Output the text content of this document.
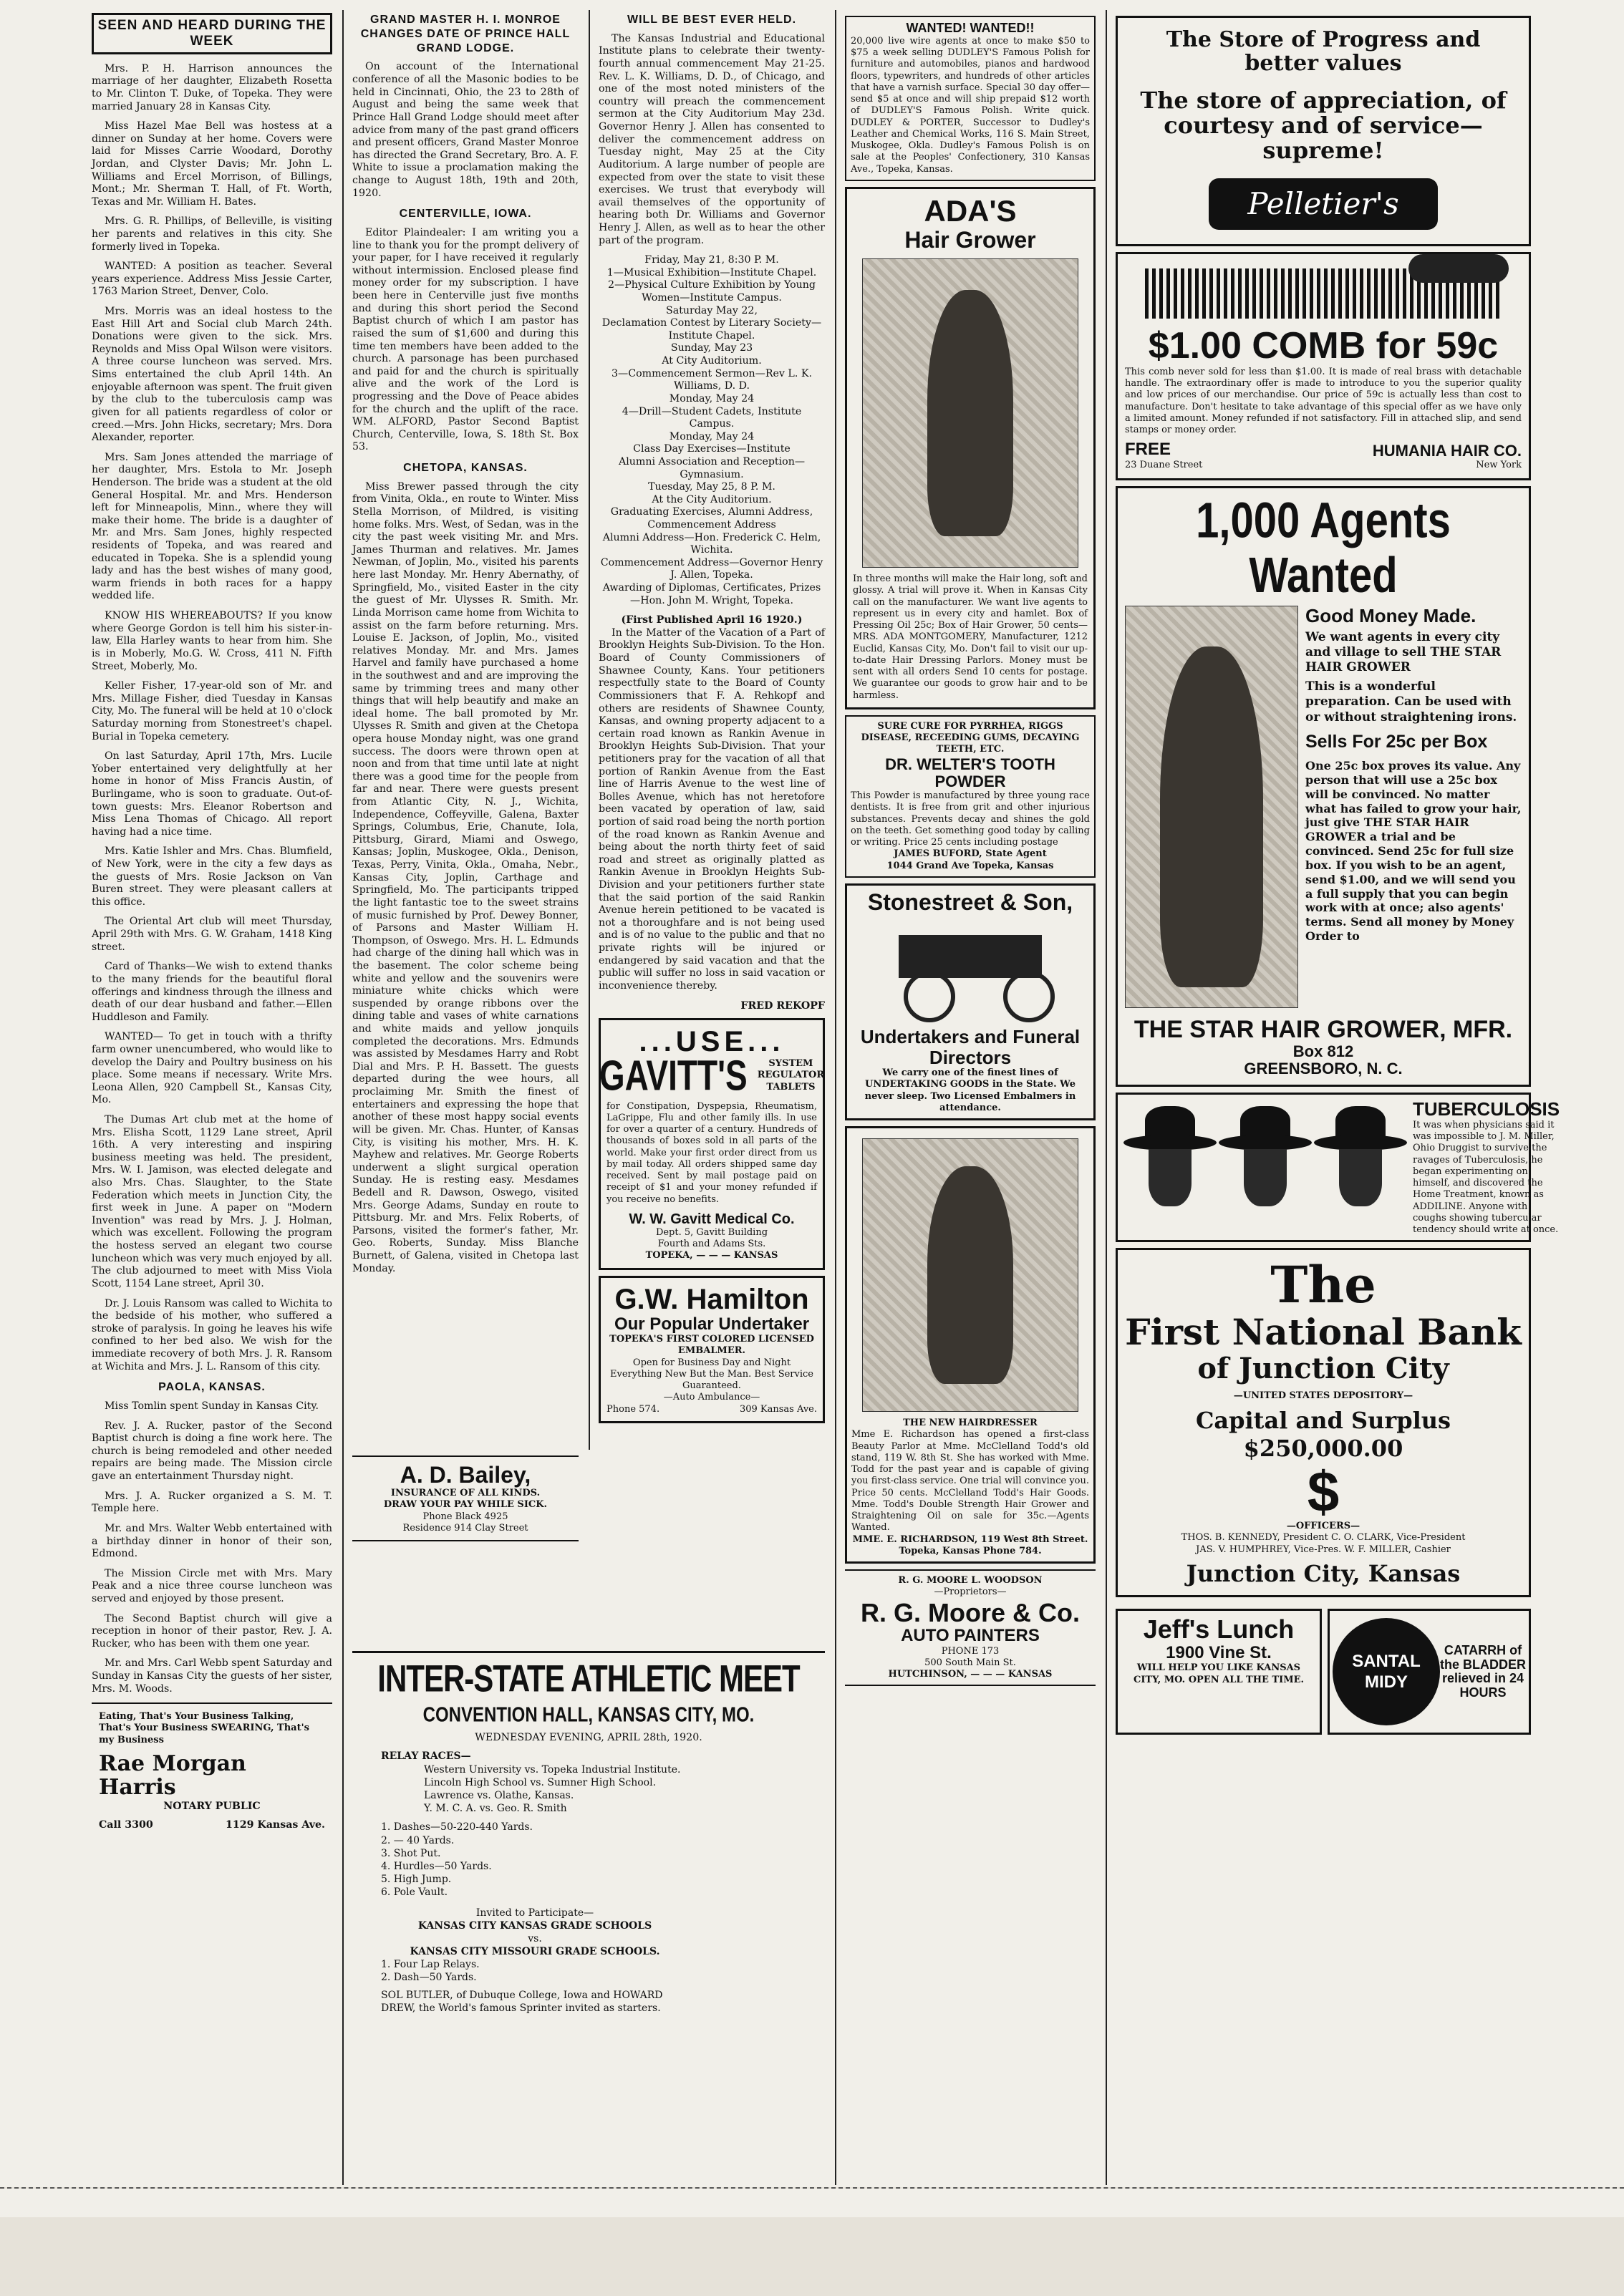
SEEN AND HEARD DURING THE WEEK

Mrs. P. H. Harrison announces the marriage of her daughter, Elizabeth Rosetta to Mr. Clinton T. Duke, of Topeka. They were married January 28 in Kansas City.

Miss Hazel Mae Bell was hostess at a dinner on Sunday at her home. Covers were laid for Misses Carrie Woodard, Dorothy Jordan, and Clyster Davis; Mr. John L. Williams and Ercel Morrison, of Billings, Mont.; Mr. Sherman T. Hall, of Ft. Worth, Texas and Mr. William H. Bates.

Mrs. G. R. Phillips, of Belleville, is visiting her parents and relatives in this city. She formerly lived in Topeka.

WANTED: A position as teacher. Several years experience. Address Miss Jessie Carter, 1763 Marion Street, Denver, Colo.

Mrs. Morris was an ideal hostess to the East Hill Art and Social club March 24th. Donations were given to the sick. Mrs. Reynolds and Miss Opal Wilson were visitors. A three course luncheon was served. Mrs. Sims entertained the club April 14th. An enjoyable afternoon was spent. The fruit given by the club to the tuberculosis camp was given for all patients regardless of color or creed.—Mrs. John Hicks, secretary; Mrs. Dora Alexander, reporter.

Mrs. Sam Jones attended the marriage of her daughter, Mrs. Estola to Mr. Joseph Henderson. The bride was a student at the old General Hospital. Mr. and Mrs. Henderson left for Minneapolis, Minn., where they will make their home. The bride is a daughter of Mr. and Mrs. Sam Jones, highly respected residents of Topeka, and was reared and educated in Topeka. She is a splendid young lady and has the best wishes of many good, warm friends in both races for a happy wedded life.

KNOW HIS WHEREABOUTS? If you know where George Gordon is tell him his sister-in-law, Ella Harley wants to hear from him. She is in Moberly, Mo.G. W. Cross, 411 N. Fifth Street, Moberly, Mo.

Keller Fisher, 17-year-old son of Mr. and Mrs. Millage Fisher, died Tuesday in Kansas City, Mo. The funeral will be held at 10 o'clock Saturday morning from Stonestreet's chapel. Burial in Topeka cemetery.

On last Saturday, April 17th, Mrs. Lucile Yober entertained very delightfully at her home in honor of Miss Francis Austin, of Burlingame, who is soon to graduate. Out-of-town guests: Mrs. Eleanor Robertson and Miss Lena Thomas of Chicago. All report having had a nice time.

Mrs. Katie Ishler and Mrs. Chas. Blumfield, of New York, were in the city a few days as the guests of Mrs. Rosie Jackson on Van Buren street. They were pleasant callers at this office.

The Oriental Art club will meet Thursday, April 29th with Mrs. G. W. Graham, 1418 King street.

Card of Thanks—We wish to extend thanks to the many friends for the beautiful floral offerings and kindness through the illness and death of our dear husband and father.—Ellen Huddleson and Family.

WANTED— To get in touch with a thrifty farm owner unencumbered, who would like to develop the Dairy and Poultry business on his place. Some means if necessary. Write Mrs. Leona Allen, 920 Campbell St., Kansas City, Mo.

The Dumas Art club met at the home of Mrs. Elisha Scott, 1129 Lane street, April 16th. A very interesting and inspiring business meeting was held. The president, Mrs. W. I. Jamison, was elected delegate and also Mrs. Chas. Slaughter, to the State Federation which meets in Junction City, the first week in June. A paper on "Modern Invention" was read by Mrs. J. J. Holman, which was excellent. Following the program the hostess served an elegant two course luncheon which was very much enjoyed by all. The club adjourned to meet with Miss Viola Scott, 1154 Lane street, April 30.

Dr. J. Louis Ransom was called to Wichita to the bedside of his mother, who suffered a stroke of paralysis. In going he leaves his wife confined to her bed also. We wish for the immediate recovery of both Mrs. J. R. Ransom at Wichita and Mrs. J. L. Ransom of this city.

PAOLA, KANSAS.

Miss Tomlin spent Sunday in Kansas City.

Rev. J. A. Rucker, pastor of the Second Baptist church is doing a fine work here. The church is being remodeled and other needed repairs are being made. The Mission circle gave an entertainment Thursday night.

Mrs. J. A. Rucker organized a S. M. T. Temple here.

Mr. and Mrs. Walter Webb entertained with a birthday dinner in honor of their son, Edmond.

The Mission Circle met with Mrs. Mary Peak and a nice three course luncheon was served and enjoyed by those present.

The Second Baptist church will give a reception in honor of their pastor, Rev. J. A. Rucker, who has been with them one year.

Mr. and Mrs. Carl Webb spent Saturday and Sunday in Kansas City the guests of her sister, Mrs. M. Woods.

Eating, That's Your Business Talking, That's Your Business SWEARING, That's my Business
Rae Morgan Harris
NOTARY PUBLIC
Call 3300	1129 Kansas Ave.
GRAND MASTER H. I. MONROE CHANGES DATE OF PRINCE HALL GRAND LODGE.

On account of the International conference of all the Masonic bodies to be held in Cincinnati, Ohio, the 23 to 28th of August and being the same week that Prince Hall Grand Lodge should meet after advice from many of the past grand officers and present officers, Grand Master Monroe has directed the Grand Secretary, Bro. A. F. White to issue a proclamation making the change to August 18th, 19th and 20th, 1920.

CENTERVILLE, IOWA.

Editor Plaindealer: I am writing you a line to thank you for the prompt delivery of your paper, for I have received it regularly without intermission. Enclosed please find money order for my subscription. I have been here in Centerville just five months and during this short period the Second Baptist church of which I am pastor has raised the sum of $1,600 and during this time ten members have been added to the church. A parsonage has been purchased and paid for and the church is spiritually alive and the work of the Lord is progressing and the Dove of Peace abides for the church and the uplift of the race. WM. ALFORD, Pastor Second Baptist Church, Centerville, Iowa, S. 18th St. Box 53.

CHETOPA, KANSAS.

Miss Brewer passed through the city from Vinita, Okla., en route to Winter. Miss Stella Morrison, of Mildred, is visiting home folks. Mrs. West, of Sedan, was in the city the past week visiting Mr. and Mrs. James Thurman and relatives. Mr. James Newman, of Joplin, Mo., visited his parents here last Monday. Mr. Henry Abernathy, of Springfield, Mo., visited Easter in the city the guest of Mr. Ulysses R. Smith. Mr. Linda Morrison came home from Wichita to assist on the farm before returning. Mrs. Louise E. Jackson, of Joplin, Mo., visited relatives Monday. Mr. and Mrs. James Harvel and family have purchased a home in the southwest and and are improving the same by trimming trees and many other things that will help beautify and make an ideal home. The ball promoted by Mr. Ulysses R. Smith and given at the Chetopa opera house Monday night, was one grand success. The doors were thrown open at noon and from that time until late at night there was a good time for the people from far and near. There were guests present from Atlantic City, N. J., Wichita, Independence, Coffeyville, Galena, Baxter Springs, Columbus, Erie, Chanute, Iola, Pittsburg, Girard, Miami and Oswego, Kansas; Joplin, Muskogee, Okla., Denison, Texas, Perry, Vinita, Okla., Omaha, Nebr., Kansas City, Joplin, Carthage and Springfield, Mo. The participants tripped the light fantastic toe to the sweet strains of music furnished by Prof. Dewey Bonner, of Parsons and Master William H. Thompson, of Oswego. Mrs. H. L. Edmunds had charge of the dining hall which was in the basement. The color scheme being white and yellow and the souvenirs were miniature white chicks which were suspended by orange ribbons over the dining table and vases of white carnations and white maids and yellow jonquils completed the decorations. Mrs. Edmunds was assisted by Mesdames Harry and Robt Dial and Mrs. P. H. Bassett. The guests departed during the wee hours, all proclaiming Mr. Smith the finest of entertainers and expressing the hope that another of these most happy social events will be given. Mr. Chas. Hunter, of Kansas City, is visiting his mother, Mrs. H. K. Mayhew and relatives. Mr. George Roberts underwent a slight surgical operation Sunday. He is resting easy. Mesdames Bedell and R. Dawson, Oswego, visited Mrs. George Adams, Sunday en route to Pittsburg. Mr. and Mrs. Felix Roberts, of Parsons, visited the former's father, Mr. Geo. Roberts, Sunday. Miss Blanche Burnett, of Galena, visited in Chetopa last Monday.

A. D. Bailey,
INSURANCE OF ALL KINDS.
DRAW YOUR PAY WHILE SICK.
Phone Black 4925
Residence 914 Clay Street
WILL BE BEST EVER HELD.

The Kansas Industrial and Educational Institute plans to celebrate their twenty-fourth annual commencement May 21-25. Rev. L. K. Williams, D. D., of Chicago, and one of the most noted ministers of the country will preach the commencement sermon at the City Auditorium May 23d. Governor Henry J. Allen has consented to deliver the commencement address on Tuesday night, May 25 at the City Auditorium. A large number of people are expected from over the state to visit these exercises. We trust that everybody will avail themselves of the opportunity of hearing both Dr. Williams and Governor Henry J. Allen, as well as to hear the other part of the program.

Friday, May 21, 8:30 P. M.
1—Musical Exhibition—Institute Chapel.
2—Physical Culture Exhibition by Young Women—Institute Campus.
Saturday May 22,
Declamation Contest by Literary Society—Institute Chapel.
Sunday, May 23
At City Auditorium.
3—Commencement Sermon—Rev L. K. Williams, D. D.
Monday, May 24
4—Drill—Student Cadets, Institute Campus.
Monday, May 24
Class Day Exercises—Institute
Alumni Association and Reception—Gymnasium.
Tuesday, May 25, 8 P. M.
At the City Auditorium.
Graduating Exercises, Alumni Address, Commencement Address
Alumni Address—Hon. Frederick C. Helm, Wichita.
Commencement Address—Governor Henry J. Allen, Topeka.
Awarding of Diplomas, Certificates, Prizes—Hon. John M. Wright, Topeka.
(First Published April 16 1920.)

In the Matter of the Vacation of a Part of Brooklyn Heights Sub-Division. To the Hon. Board of County Commissioners of Shawnee County, Kans. Your petitioners respectfully state to the Board of County Commissioners that F. A. Rehkopf and others are residents of Shawnee County, Kansas, and owning property adjacent to a certain road known as Rankin Avenue in Brooklyn Heights Sub-Division. That your petitioners pray for the vacation of all that portion of Rankin Avenue from the East line of Harris Avenue to the west line of Bolles Avenue, which has not heretofore been vacated by operation of law, said portion of said road being the north portion of the road known as Rankin Avenue and being about the north thirty feet of said road and street as originally platted as Rankin Avenue in Brooklyn Heights Sub-Division and your petitioners further state that the said portion of the said Rankin Avenue herein petitioned to be vacated is not a thoroughfare and is not being used and is of no value to the public and that no private rights will be injured or endangered by said vacation and that the public will suffer no loss in said vacation or inconvenience thereby.

FRED REKOPF
...USE...
GAVITT'S	SYSTEM REGULATOR TABLETS
for Constipation, Dyspepsia, Rheumatism, LaGrippe, Flu and other family ills. In use for over a quarter of a century. Hundreds of thousands of boxes sold in all parts of the world. Make your first order direct from us by mail today. All orders shipped same day received. Sent by mail postage paid on receipt of $1 and your money refunded if you receive no benefits.
W. W. Gavitt Medical Co.
Dept. 5, Gavitt Building
Fourth and Adams Sts.
TOPEKA, — — — KANSAS
G.W. Hamilton
Our Popular Undertaker
TOPEKA'S FIRST COLORED LICENSED EMBALMER.
Open for Business Day and Night Everything New But the Man. Best Service Guaranteed.
—Auto Ambulance—
Phone 574.	309 Kansas Ave.
INTER-STATE ATHLETIC MEET
CONVENTION HALL, KANSAS CITY, MO.
WEDNESDAY EVENING, APRIL 28th, 1920.
RELAY RACES—
Western University vs. Topeka Industrial Institute.
Lincoln High School vs. Sumner High School.
Lawrence vs. Olathe, Kansas.
Y. M. C. A. vs. Geo. R. Smith
1. Dashes—50-220-440 Yards.
2. — 40 Yards.
3. Shot Put.
4. Hurdles—50 Yards.
5. High Jump.
6. Pole Vault.
Invited to Participate—
KANSAS CITY KANSAS GRADE SCHOOLS
vs.
KANSAS CITY MISSOURI GRADE SCHOOLS.
1. Four Lap Relays.
2. Dash—50 Yards.
SOL BUTLER, of Dubuque College, Iowa and HOWARD DREW, the World's famous Sprinter invited as starters.
WANTED! WANTED!!
20,000 live wire agents at once to make $50 to $75 a week selling DUDLEY'S Famous Polish for furniture and automobiles, pianos and hardwood floors, typewriters, and hundreds of other articles that have a varnish surface. Special 30 day offer—send $5 at once and will ship prepaid $12 worth of DUDLEY'S Famous Polish. Write quick. DUDLEY & PORTER, Successor to Dudley's Leather and Chemical Works, 116 S. Main Street, Muskogee, Okla. Dudley's Famous Polish is on sale at the Peoples' Confectionery, 310 Kansas Ave., Topeka, Kansas.
ADA'S
Hair Grower
In three months will make the Hair long, soft and glossy. A trial will prove it. When in Kansas City call on the manufacturer. We want live agents to represent us in every city and hamlet. Box of Pressing Oil 25c; Box of Hair Grower, 50 cents—MRS. ADA MONTGOMERY, Manufacturer, 1212 Euclid, Kansas City, Mo. Don't fail to visit our up-to-date Hair Dressing Parlors. Money must be sent with all orders Send 10 cents for postage. We guarantee our goods to grow hair and to be harmless.
SURE CURE FOR PYRRHEA, RIGGS DISEASE, RECEEDING GUMS, DECAYING TEETH, ETC.
DR. WELTER'S TOOTH POWDER
This Powder is manufactured by three young race dentists. It is free from grit and other injurious substances. Prevents decay and shines the gold on the teeth. Get something good today by calling or writing. Price 25 cents including postage
JAMES BUFORD, State Agent
1044 Grand Ave Topeka, Kansas
Stonestreet & Son,
Undertakers and Funeral Directors
We carry one of the finest lines of UNDERTAKING GOODS in the State. We never sleep. Two Licensed Embalmers in attendance.
THE NEW HAIRDRESSER
Mme E. Richardson has opened a first-class Beauty Parlor at Mme. McClelland Todd's old stand, 119 W. 8th St. She has worked with Mme. Todd for the past year and is capable of giving you first-class service. One trial will convince you. Price 50 cents. McClelland Todd's Hair Goods. Mme. Todd's Double Strength Hair Grower and Straightening Oil on sale for 35c.—Agents Wanted.
MME. E. RICHARDSON, 119 West 8th Street. Topeka, Kansas Phone 784.
R. G. MOORE L. WOODSON
—Proprietors—
R. G. Moore & Co.
AUTO PAINTERS
PHONE 173
500 South Main St.
HUTCHINSON, — — — KANSAS
The Store of Progress and better values
The store of appreciation, of courtesy and of service—supreme!
Pelletier's
$1.00 COMB for 59c
This comb never sold for less than $1.00. It is made of real brass with detachable handle. The extraordinary offer is made to introduce to you the superior quality and low prices of our merchandise. Our price of 59c is actually less than cost to manufacture. Don't hesitate to take advantage of this special offer as we have only a limited amount. Money refunded if not satisfactory. Fill in attached slip, and send stamps or money order.
FREE	HUMANIA HAIR CO.
23 Duane Street	New York
1,000 Agents Wanted
Good Money Made.
We want agents in every city and village to sell THE STAR HAIR GROWER
This is a wonderful preparation. Can be used with or without straightening irons.
Sells For 25c per Box
One 25c box proves its value. Any person that will use a 25c box will be convinced. No matter what has failed to grow your hair, just give THE STAR HAIR GROWER a trial and be convinced. Send 25c for full size box. If you wish to be an agent, send $1.00, and we will send you a full supply that you can begin work with at once; also agents' terms. Send all money by Money Order to
THE STAR HAIR GROWER, MFR.
Box 812
GREENSBORO, N. C.
TUBERCULOSIS
It was when physicians said it was impossible to J. M. Miller, Ohio Druggist to survive the ravages of Tuberculosis, he began experimenting on himself, and discovered the Home Treatment, known as ADDILINE. Anyone with coughs showing tubercular tendency should write at once.
The
First National Bank
of Junction City
—UNITED STATES DEPOSITORY—
Capital and Surplus $250,000.00
$
—OFFICERS—
THOS. B. KENNEDY, President C. O. CLARK, Vice-President
JAS. V. HUMPHREY, Vice-Pres. W. F. MILLER, Cashier
Junction City, Kansas
Jeff's Lunch
1900 Vine St.
WILL HELP YOU LIKE KANSAS CITY, MO. OPEN ALL THE TIME.
SANTAL
MIDY
CATARRH of the BLADDER relieved in 24 HOURS
